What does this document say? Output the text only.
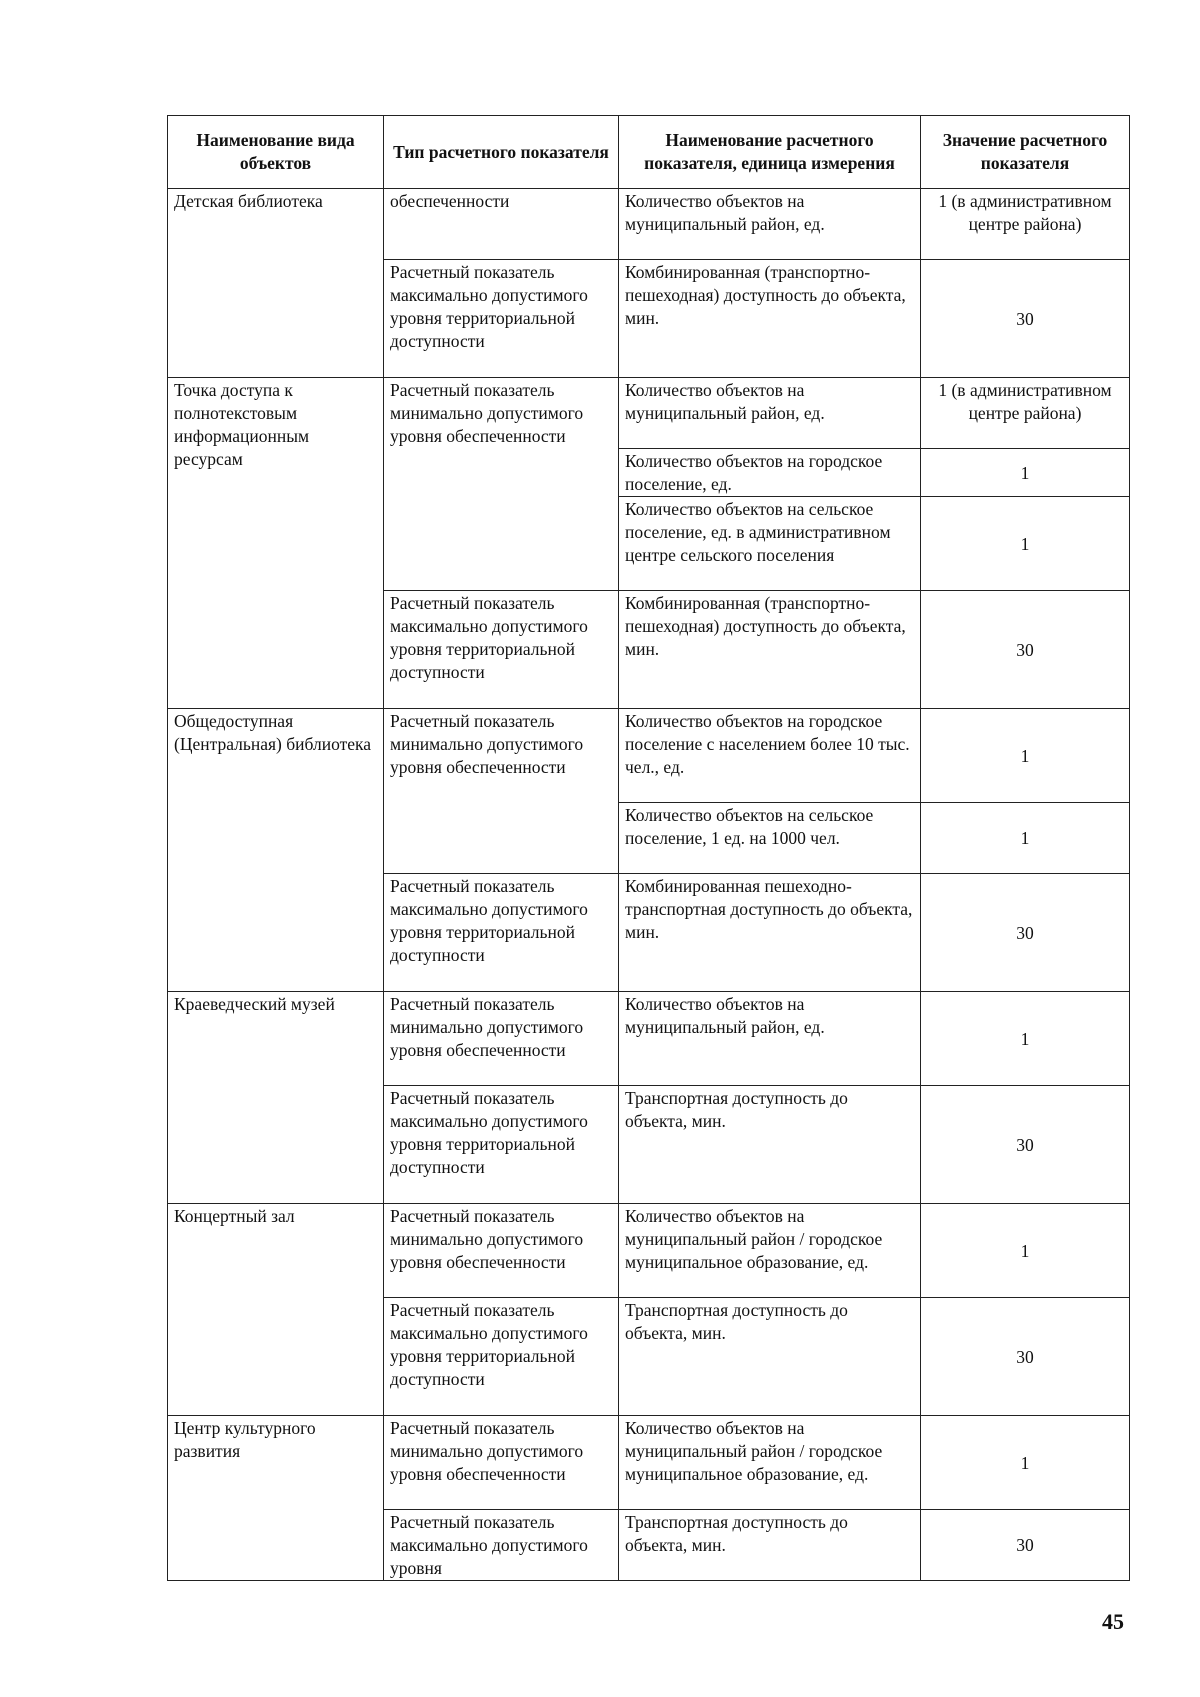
Наименование вида объектов	Тип расчетного показателя	Наименование расчетного показателя, единица измерения	Значение расчетного показателя
Детская библиотека	обеспеченности	Количество объектов на муниципальный район, ед.	1 (в административном центре района)
	Расчетный показатель максимально допустимого уровня территориальной доступности	Комбинированная (транспортно-пешеходная) доступность до объекта, мин.	30
Точка доступа к полнотекстовым информационным ресурсам	Расчетный показатель минимально допустимого уровня обеспеченности	Количество объектов на муниципальный район, ед.	1 (в административном центре района)
		Количество объектов на городское поселение, ед.	1
		Количество объектов на сельское поселение, ед. в административном центре сельского поселения	1
	Расчетный показатель максимально допустимого уровня территориальной доступности	Комбинированная (транспортно-пешеходная) доступность до объекта, мин.	30
Общедоступная (Центральная) библиотека	Расчетный показатель минимально допустимого уровня обеспеченности	Количество объектов на городское поселение с населением более 10 тыс. чел., ед.	1
		Количество объектов на сельское поселение, 1 ед. на 1000 чел.	1
	Расчетный показатель максимально допустимого уровня территориальной доступности	Комбинированная пешеходно-транспортная доступность до объекта, мин.	30
Краеведческий музей	Расчетный показатель минимально допустимого уровня обеспеченности	Количество объектов на муниципальный район, ед.	1
	Расчетный показатель максимально допустимого уровня территориальной доступности	Транспортная доступность до объекта, мин.	30
Концертный зал	Расчетный показатель минимально допустимого уровня обеспеченности	Количество объектов на муниципальный район / городское муниципальное образование, ед.	1
	Расчетный показатель максимально допустимого уровня территориальной доступности	Транспортная доступность до объекта, мин.	30
Центр культурного развития	Расчетный показатель минимально допустимого уровня обеспеченности	Количество объектов на муниципальный район / городское муниципальное образование, ед.	1
	Расчетный показатель максимально допустимого уровня	Транспортная доступность до объекта, мин.	30
45
